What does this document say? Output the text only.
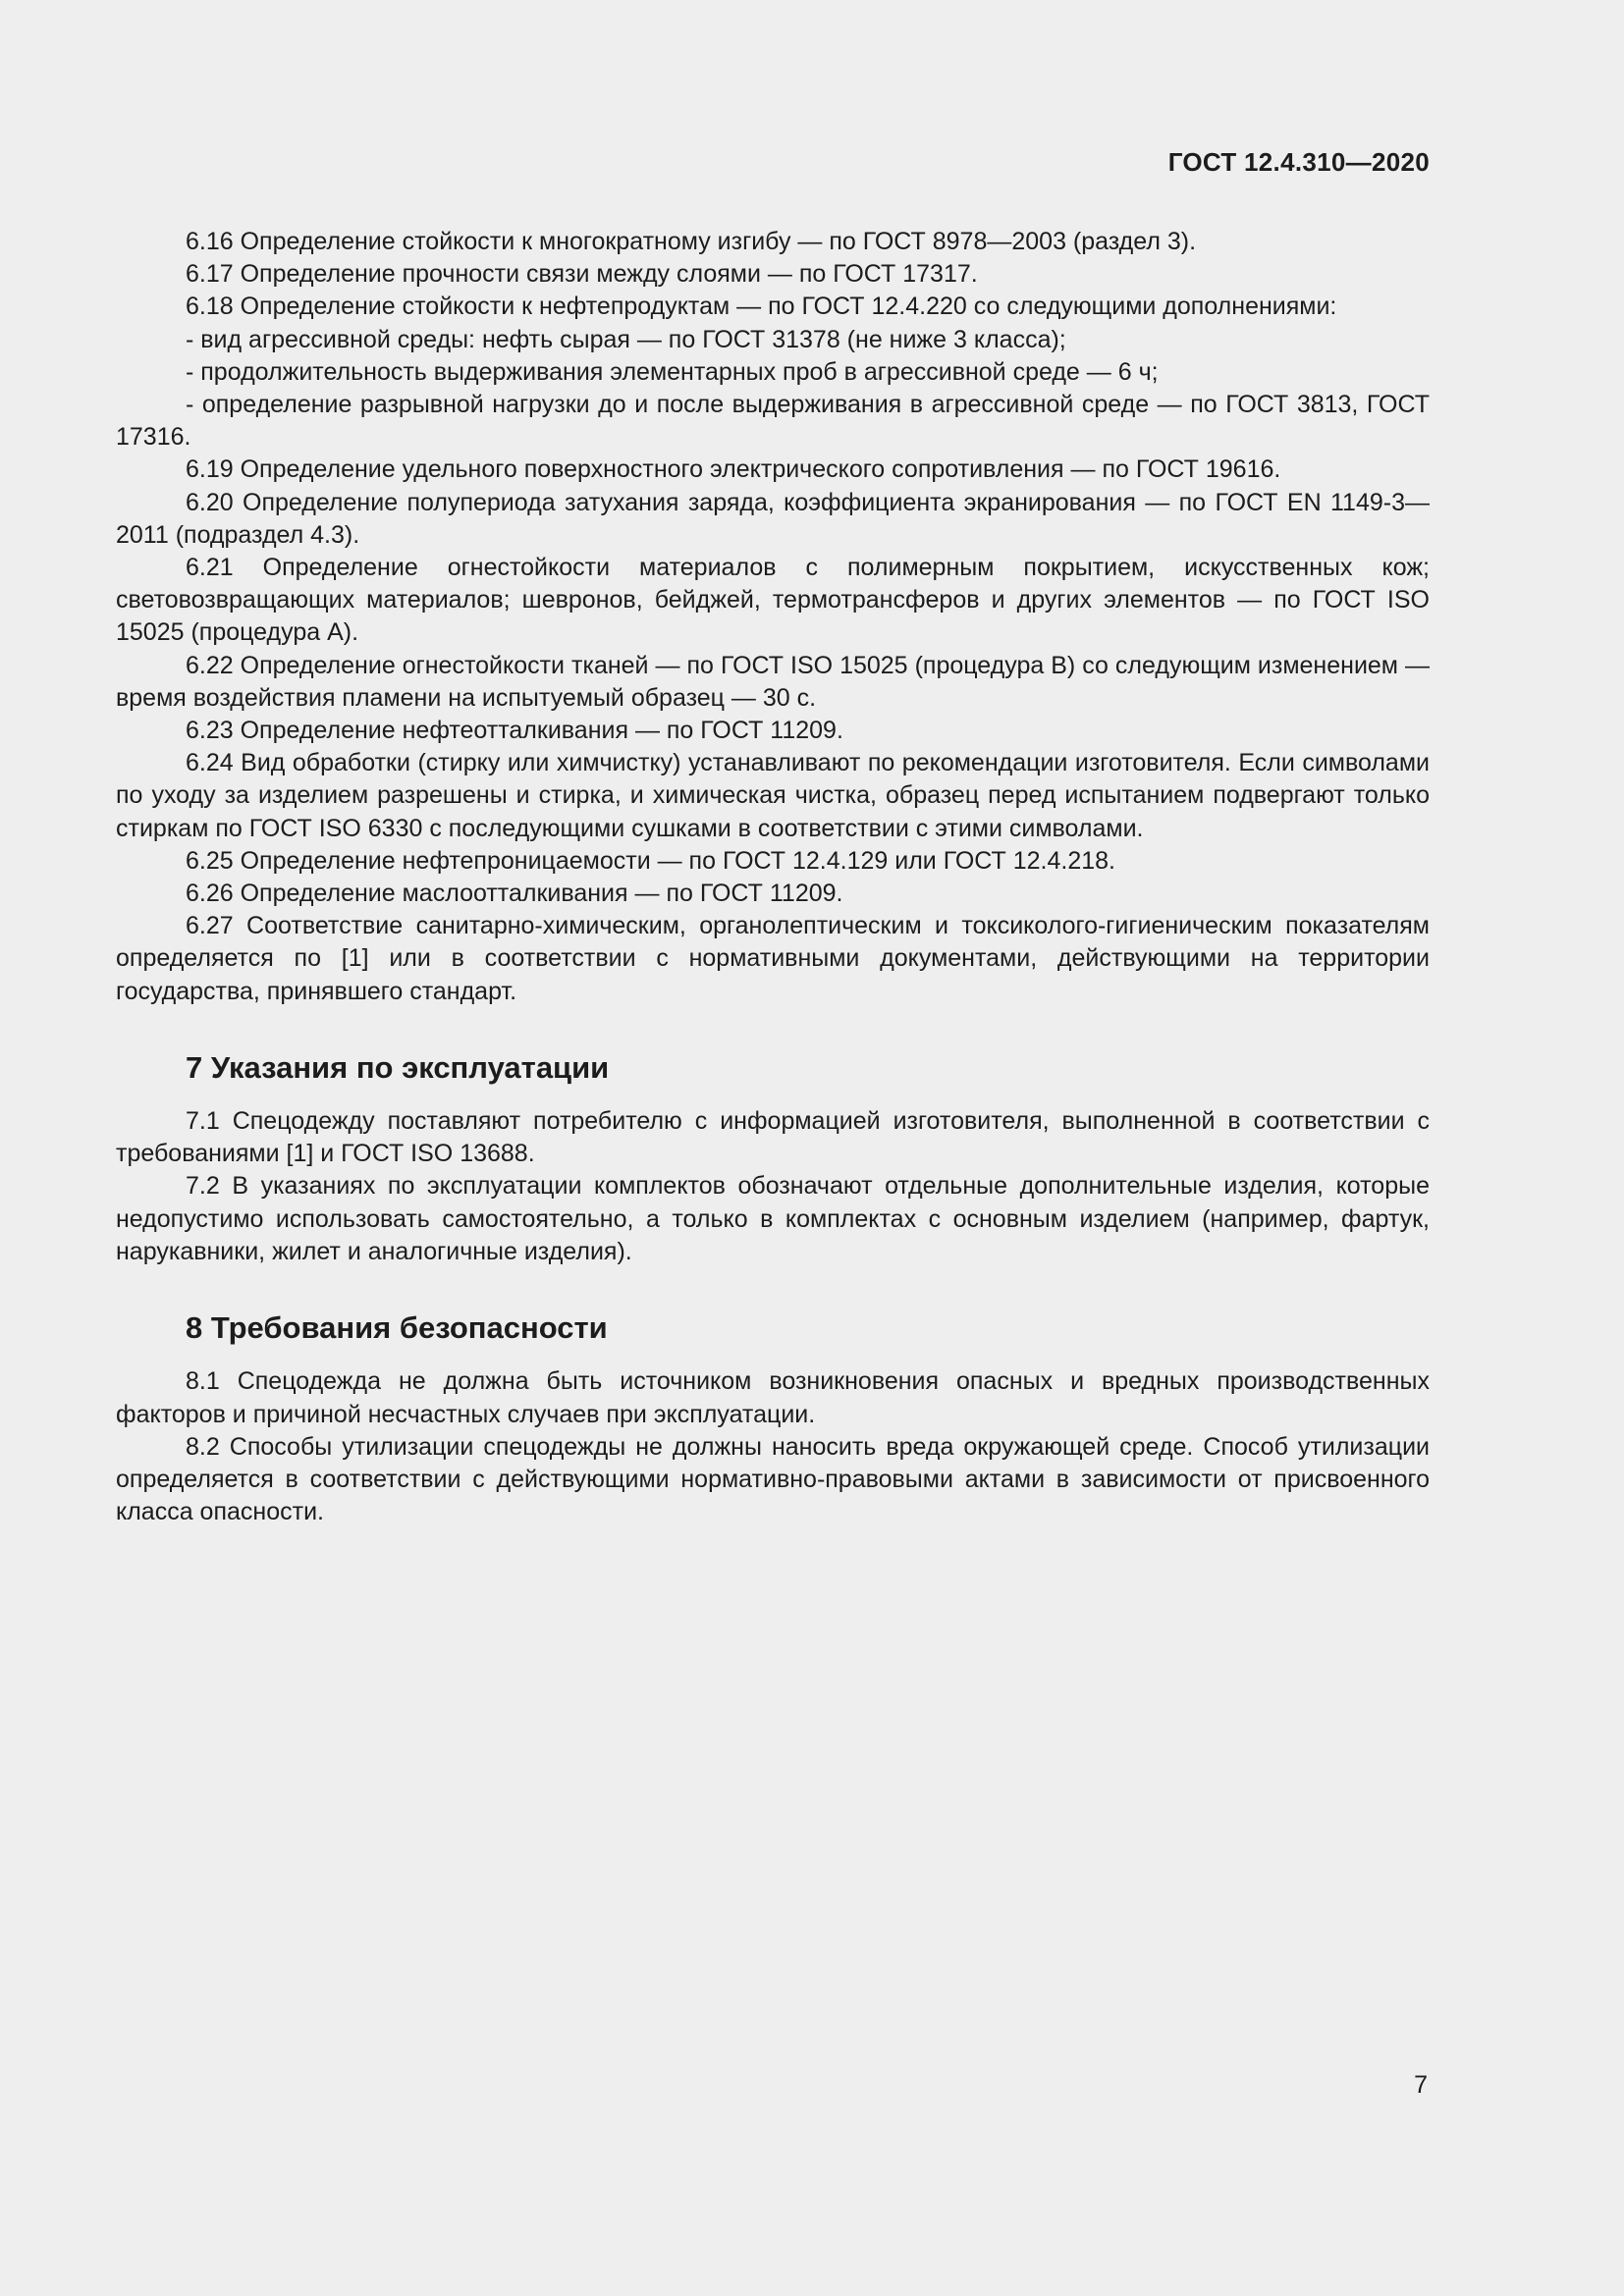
ГОСТ 12.4.310—2020

6.16 Определение стойкости к многократному изгибу — по ГОСТ 8978—2003 (раздел 3).

6.17 Определение прочности связи между слоями — по ГОСТ 17317.

6.18 Определение стойкости к нефтепродуктам — по ГОСТ 12.4.220 со следующими дополнениями:

- вид агрессивной среды: нефть сырая — по ГОСТ 31378 (не ниже 3 класса);

- продолжительность выдерживания элементарных проб в агрессивной среде — 6 ч;

- определение разрывной нагрузки до и после выдерживания в агрессивной среде — по ГОСТ 3813, ГОСТ 17316.

6.19 Определение удельного поверхностного электрического сопротивления — по ГОСТ 19616.

6.20 Определение полупериода затухания заряда, коэффициента экранирования — по ГОСТ EN 1149-3—2011 (подраздел 4.3).

6.21 Определение огнестойкости материалов с полимерным покрытием, искусственных кож; световозвращающих материалов; шевронов, бейджей, термотрансферов и других элементов — по ГОСТ ISO 15025 (процедура А).

6.22 Определение огнестойкости тканей — по ГОСТ ISO 15025 (процедура В) со следующим изменением — время воздействия пламени на испытуемый образец — 30 с.

6.23 Определение нефтеотталкивания — по ГОСТ 11209.

6.24 Вид обработки (стирку или химчистку) устанавливают по рекомендации изготовителя. Если символами по уходу за изделием разрешены и стирка, и химическая чистка, образец перед испытанием подвергают только стиркам по ГОСТ ISO 6330 с последующими сушками в соответствии с этими символами.

6.25 Определение нефтепроницаемости — по ГОСТ 12.4.129 или ГОСТ 12.4.218.

6.26 Определение маслоотталкивания — по ГОСТ 11209.

6.27 Соответствие санитарно-химическим, органолептическим и токсиколого-гигиеническим показателям определяется по [1] или в соответствии с нормативными документами, действующими на территории государства, принявшего стандарт.

7 Указания по эксплуатации

7.1 Спецодежду поставляют потребителю с информацией изготовителя, выполненной в соответствии с требованиями [1] и ГОСТ ISO 13688.

7.2 В указаниях по эксплуатации комплектов обозначают отдельные дополнительные изделия, которые недопустимо использовать самостоятельно, а только в комплектах с основным изделием (например, фартук, нарукавники, жилет и аналогичные изделия).

8 Требования безопасности

8.1 Спецодежда не должна быть источником возникновения опасных и вредных производственных факторов и причиной несчастных случаев при эксплуатации.

8.2 Способы утилизации спецодежды не должны наносить вреда окружающей среде. Способ утилизации определяется в соответствии с действующими нормативно-правовыми актами в зависимости от присвоенного класса опасности.

7
